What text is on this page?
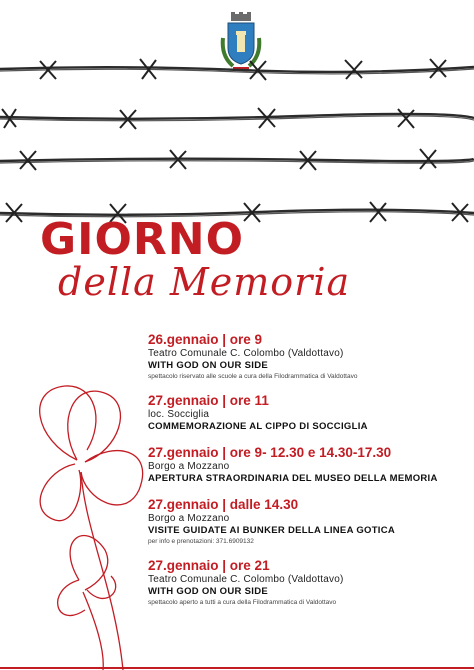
GIORNO
della Memoria
26.gennaio | ore 9
Teatro Comunale C. Colombo (Valdottavo)
WITH GOD ON OUR SIDE
spettacolo riservato alle scuole a cura della Filodrammatica di Valdottavo
27.gennaio | ore 11
loc. Socciglia
COMMEMORAZIONE AL CIPPO DI SOCCIGLIA
27.gennaio | ore 9- 12.30 e 14.30-17.30
Borgo a Mozzano
APERTURA STRAORDINARIA DEL MUSEO DELLA MEMORIA
27.gennaio | dalle 14.30
Borgo a Mozzano
VISITE GUIDATE AI BUNKER DELLA LINEA GOTICA
per info e prenotazioni: 371.6909132
27.gennaio | ore 21
Teatro Comunale C. Colombo (Valdottavo)
WITH GOD ON OUR SIDE
spettacolo aperto a tutti a cura della Filodrammatica di Valdottavo
